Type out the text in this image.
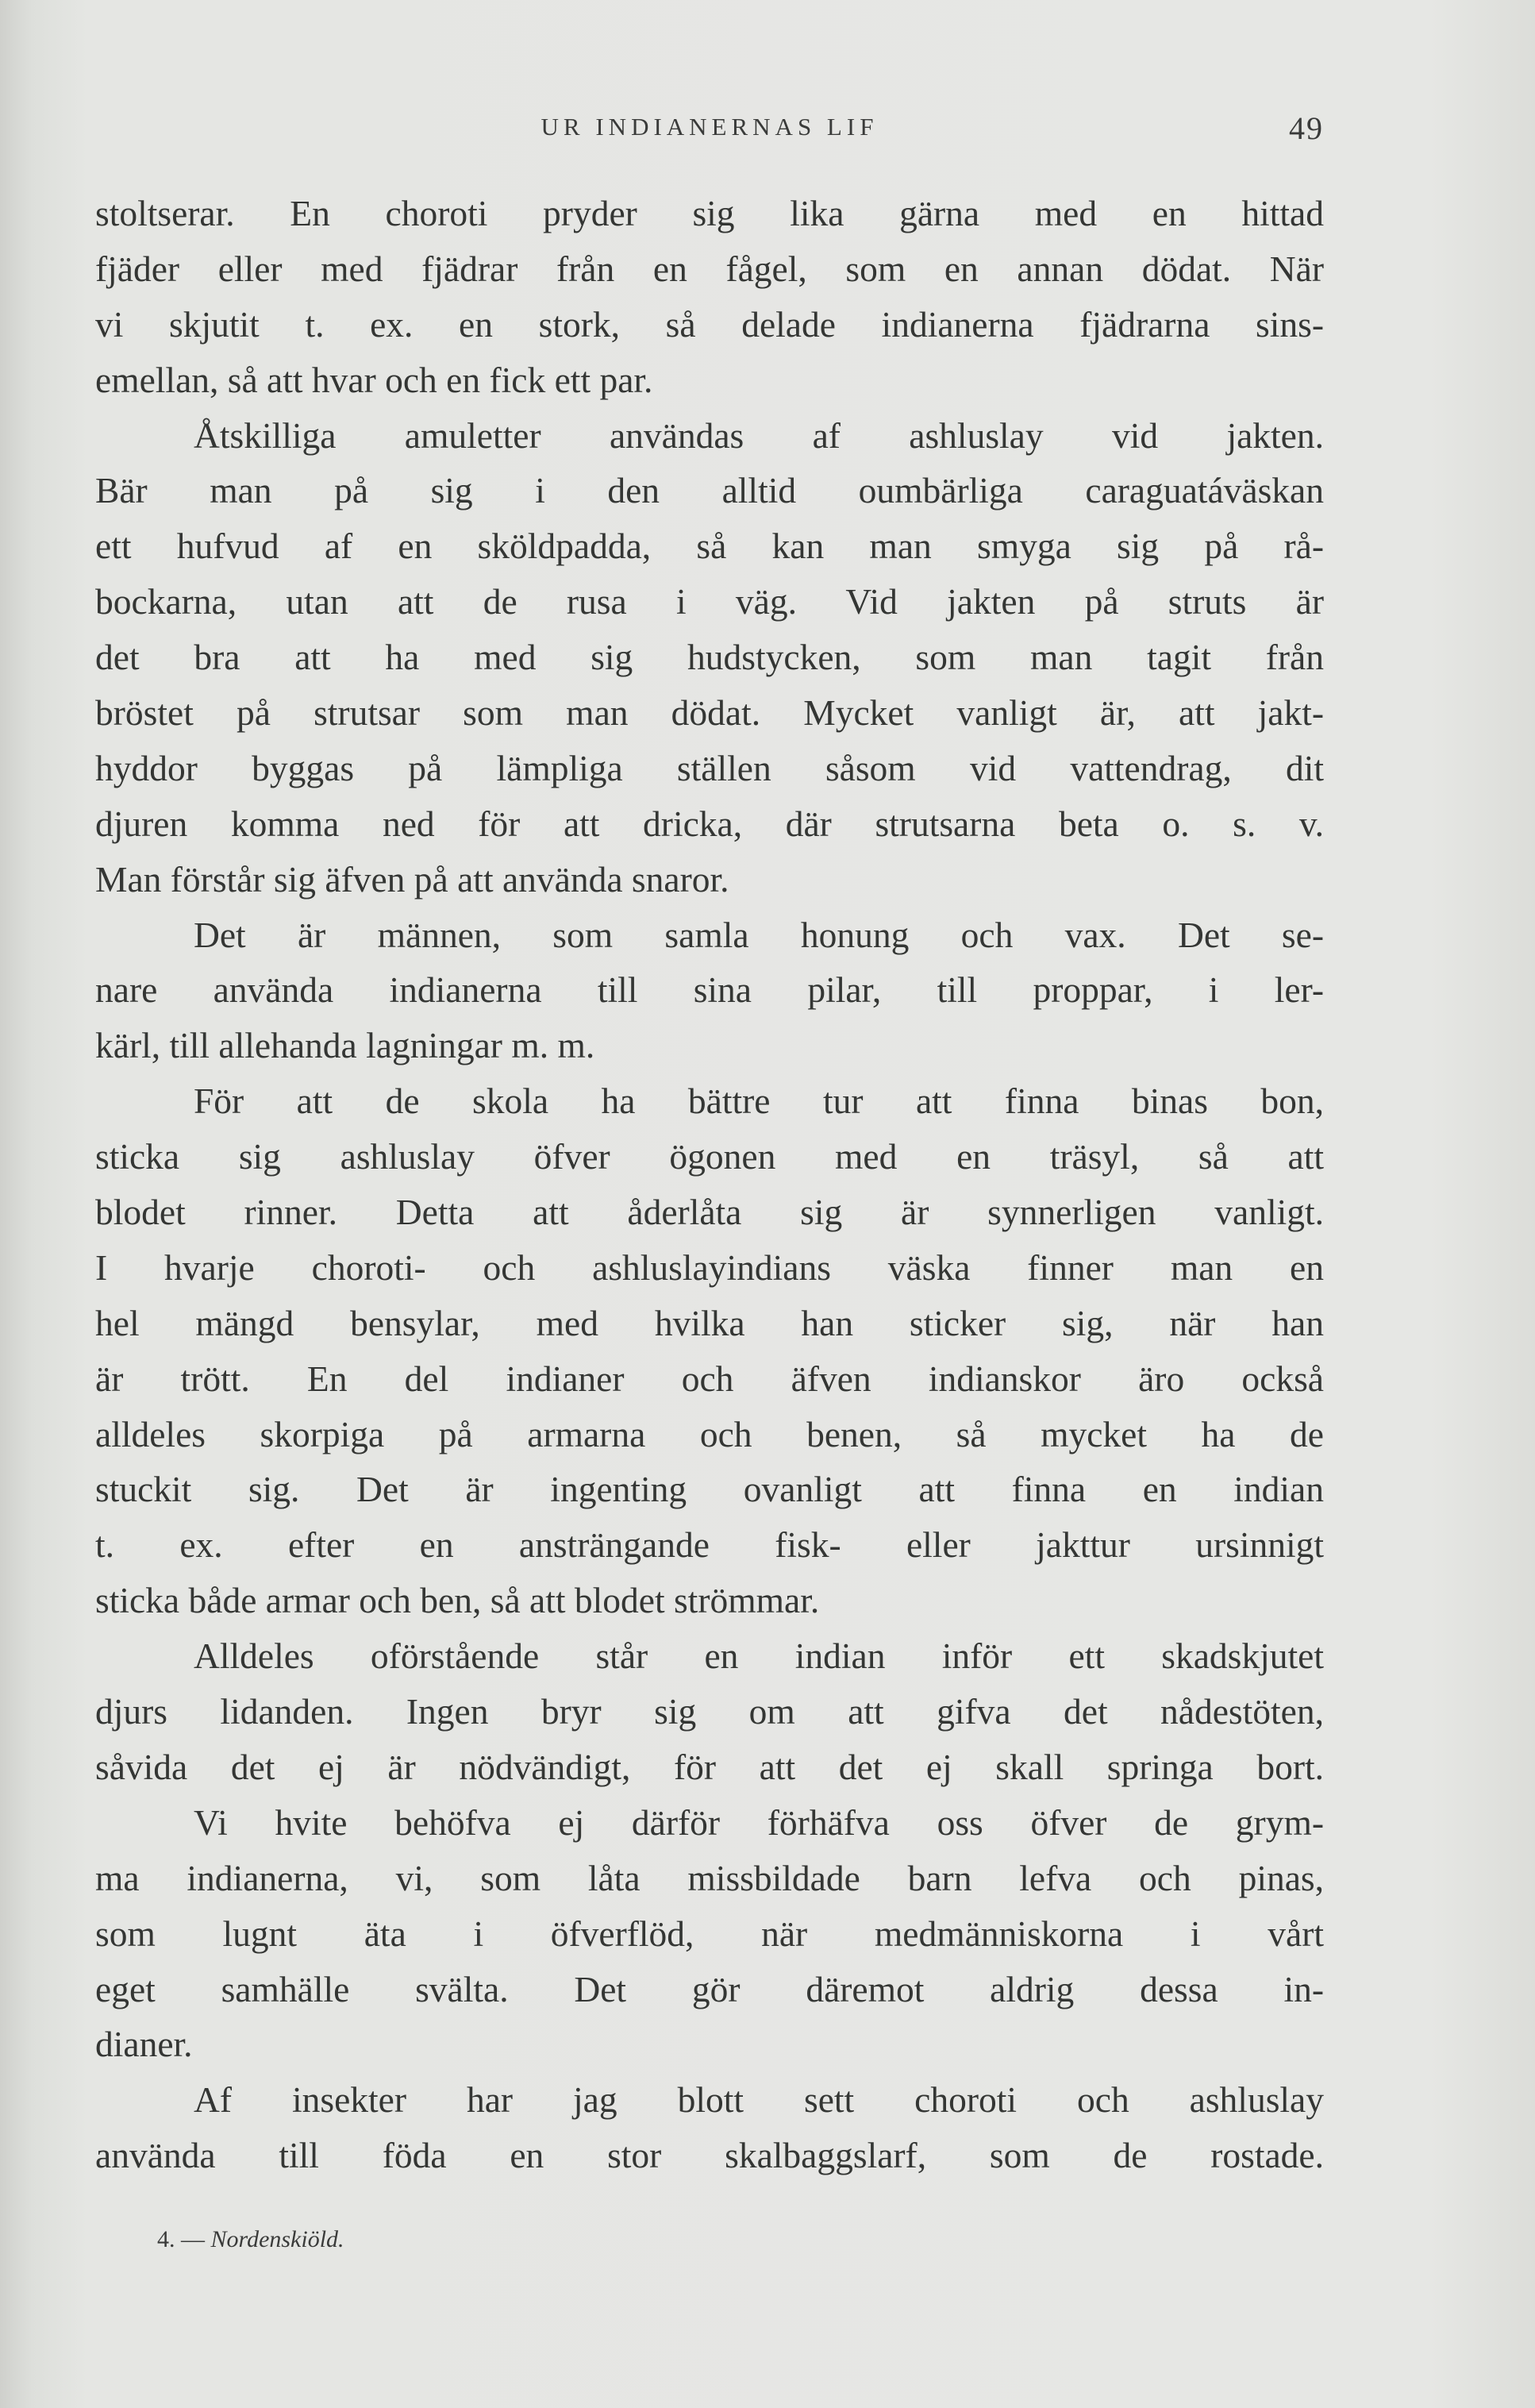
UR INDIANERNAS LIF	49
stoltserar. En choroti pryder sig lika gärna med en hittad
fjäder eller med fjädrar från en fågel, som en annan dödat. När
vi skjutit t. ex. en stork, så delade indianerna fjädrarna sins-
emellan, så att hvar och en fick ett par.
Åtskilliga amuletter användas af ashluslay vid jakten.
Bär man på sig i den alltid oumbärliga caraguatáväskan
ett hufvud af en sköldpadda, så kan man smyga sig på rå-
bockarna, utan att de rusa i väg. Vid jakten på struts är
det bra att ha med sig hudstycken, som man tagit från
bröstet på strutsar som man dödat. Mycket vanligt är, att jakt-
hyddor byggas på lämpliga ställen såsom vid vattendrag, dit
djuren komma ned för att dricka, där strutsarna beta o. s. v.
Man förstår sig äfven på att använda snaror.
Det är männen, som samla honung och vax. Det se-
nare använda indianerna till sina pilar, till proppar, i ler-
kärl, till allehanda lagningar m. m.
För att de skola ha bättre tur att finna binas bon,
sticka sig ashluslay öfver ögonen med en träsyl, så att
blodet rinner. Detta att åderlåta sig är synnerligen vanligt.
I hvarje choroti- och ashluslayindians väska finner man en
hel mängd bensylar, med hvilka han sticker sig, när han
är trött. En del indianer och äfven indianskor äro också
alldeles skorpiga på armarna och benen, så mycket ha de
stuckit sig. Det är ingenting ovanligt att finna en indian
t. ex. efter en ansträngande fisk- eller jakttur ursinnigt
sticka både armar och ben, så att blodet strömmar.
Alldeles oförstående står en indian inför ett skadskjutet
djurs lidanden. Ingen bryr sig om att gifva det nådestöten,
såvida det ej är nödvändigt, för att det ej skall springa bort.
Vi hvite behöfva ej därför förhäfva oss öfver de grym-
ma indianerna, vi, som låta missbildade barn lefva och pinas,
som lugnt äta i öfverflöd, när medmänniskorna i vårt
eget samhälle svälta. Det gör däremot aldrig dessa in-
dianer.
Af insekter har jag blott sett choroti och ashluslay
använda till föda en stor skalbaggslarf, som de rostade.
4. — Nordenskiöld.
